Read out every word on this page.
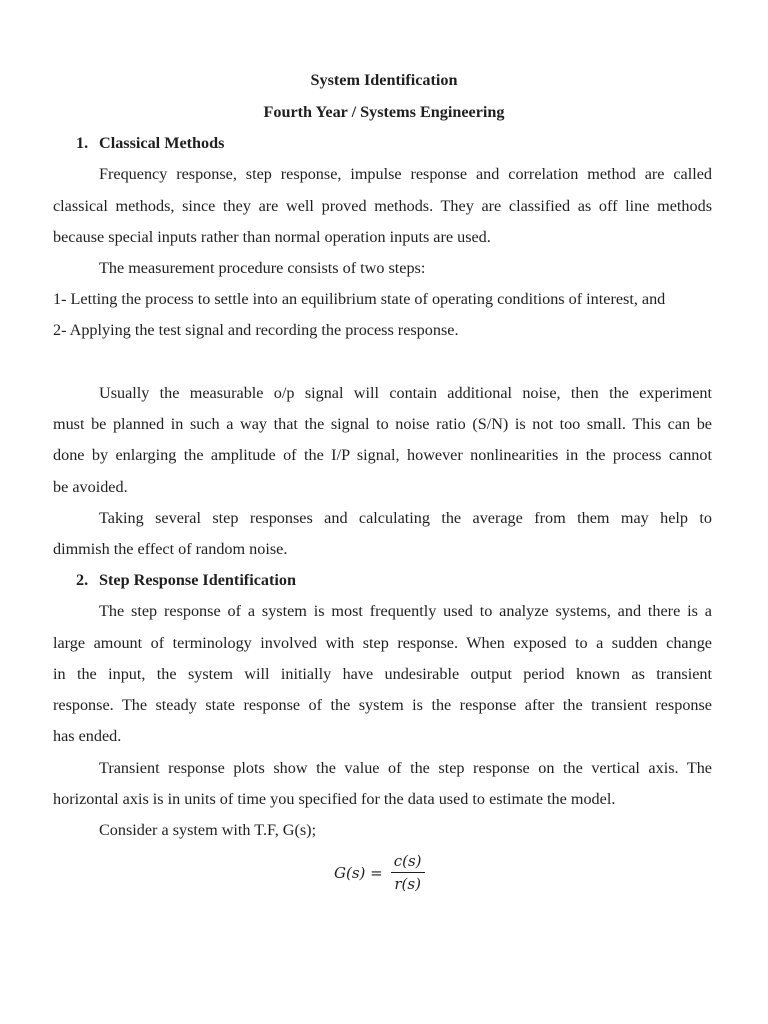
System Identification
Fourth Year / Systems Engineering
1. Classical Methods
Frequency response, step response, impulse response and correlation method are called
classical methods, since they are well proved methods. They are classified as off line methods
because special inputs rather than normal operation inputs are used.
The measurement procedure consists of two steps:
1- Letting the process to settle into an equilibrium state of operating conditions of interest, and
2- Applying the test signal and recording the process response.
Usually the measurable o/p signal will contain additional noise, then the experiment
must be planned in such a way that the signal to noise ratio (S/N) is not too small. This can be
done by enlarging the amplitude of the I/P signal, however nonlinearities in the process cannot
be avoided.
Taking several step responses and calculating the average from them may help to
dimmish the effect of random noise.
2. Step Response Identification
The step response of a system is most frequently used to analyze systems, and there is a
large amount of terminology involved with step response. When exposed to a sudden change
in the input, the system will initially have undesirable output period known as transient
response. The steady state response of the system is the response after the transient response
has ended.
Transient response plots show the value of the step response on the vertical axis. The
horizontal axis is in units of time you specified for the data used to estimate the model.
Consider a system with T.F, G(s);
$G(s) = \frac{c(s)}{r(s)}$
